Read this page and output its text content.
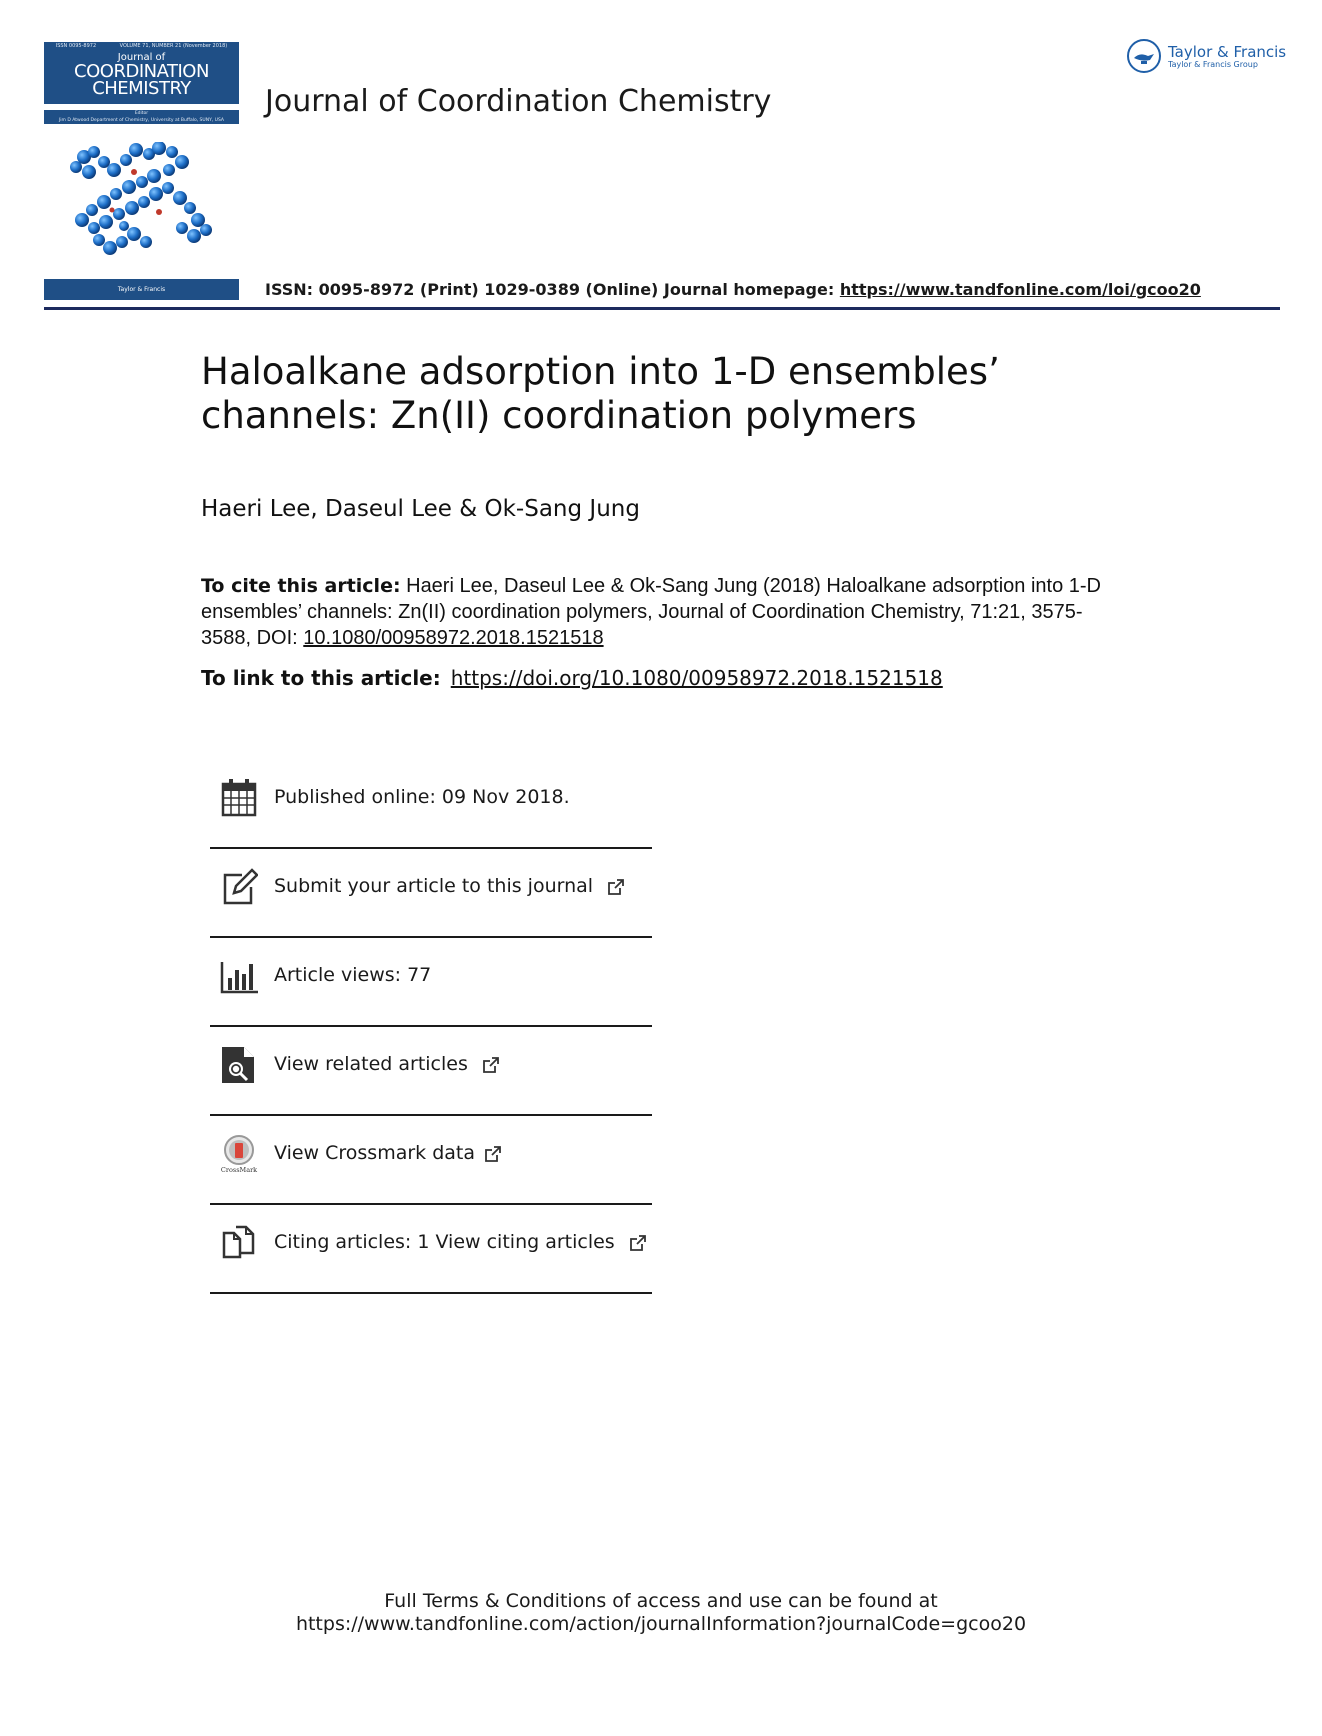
ISSN 0095-8972	VOLUME 71, NUMBER 21 (November 2018)
Journal of
COORDINATION
CHEMISTRY
Editor
Jim D Atwood Department of Chemistry, University at Buffalo, SUNY, USA
Taylor & Francis
Journal of Coordination Chemistry
Taylor & Francis
Taylor & Francis Group
ISSN: 0095-8972 (Print) 1029-0389 (Online) Journal homepage: https://www.tandfonline.com/loi/gcoo20
Haloalkane adsorption into 1-D ensembles’ channels: Zn(II) coordination polymers
Haeri Lee, Daseul Lee & Ok-Sang Jung
To cite this article: Haeri Lee, Daseul Lee & Ok-Sang Jung (2018) Haloalkane adsorption into 1-D ensembles’ channels: Zn(II) coordination polymers, Journal of Coordination Chemistry, 71:21, 3575-3588, DOI: 10.1080/00958972.2018.1521518
To link to this article: https://doi.org/10.1080/00958972.2018.1521518
Published online: 09 Nov 2018.
Submit your article to this journal
Article views: 77
View related articles
CrossMark
View Crossmark data
Citing articles: 1 View citing articles
Full Terms & Conditions of access and use can be found at
https://www.tandfonline.com/action/journalInformation?journalCode=gcoo20
